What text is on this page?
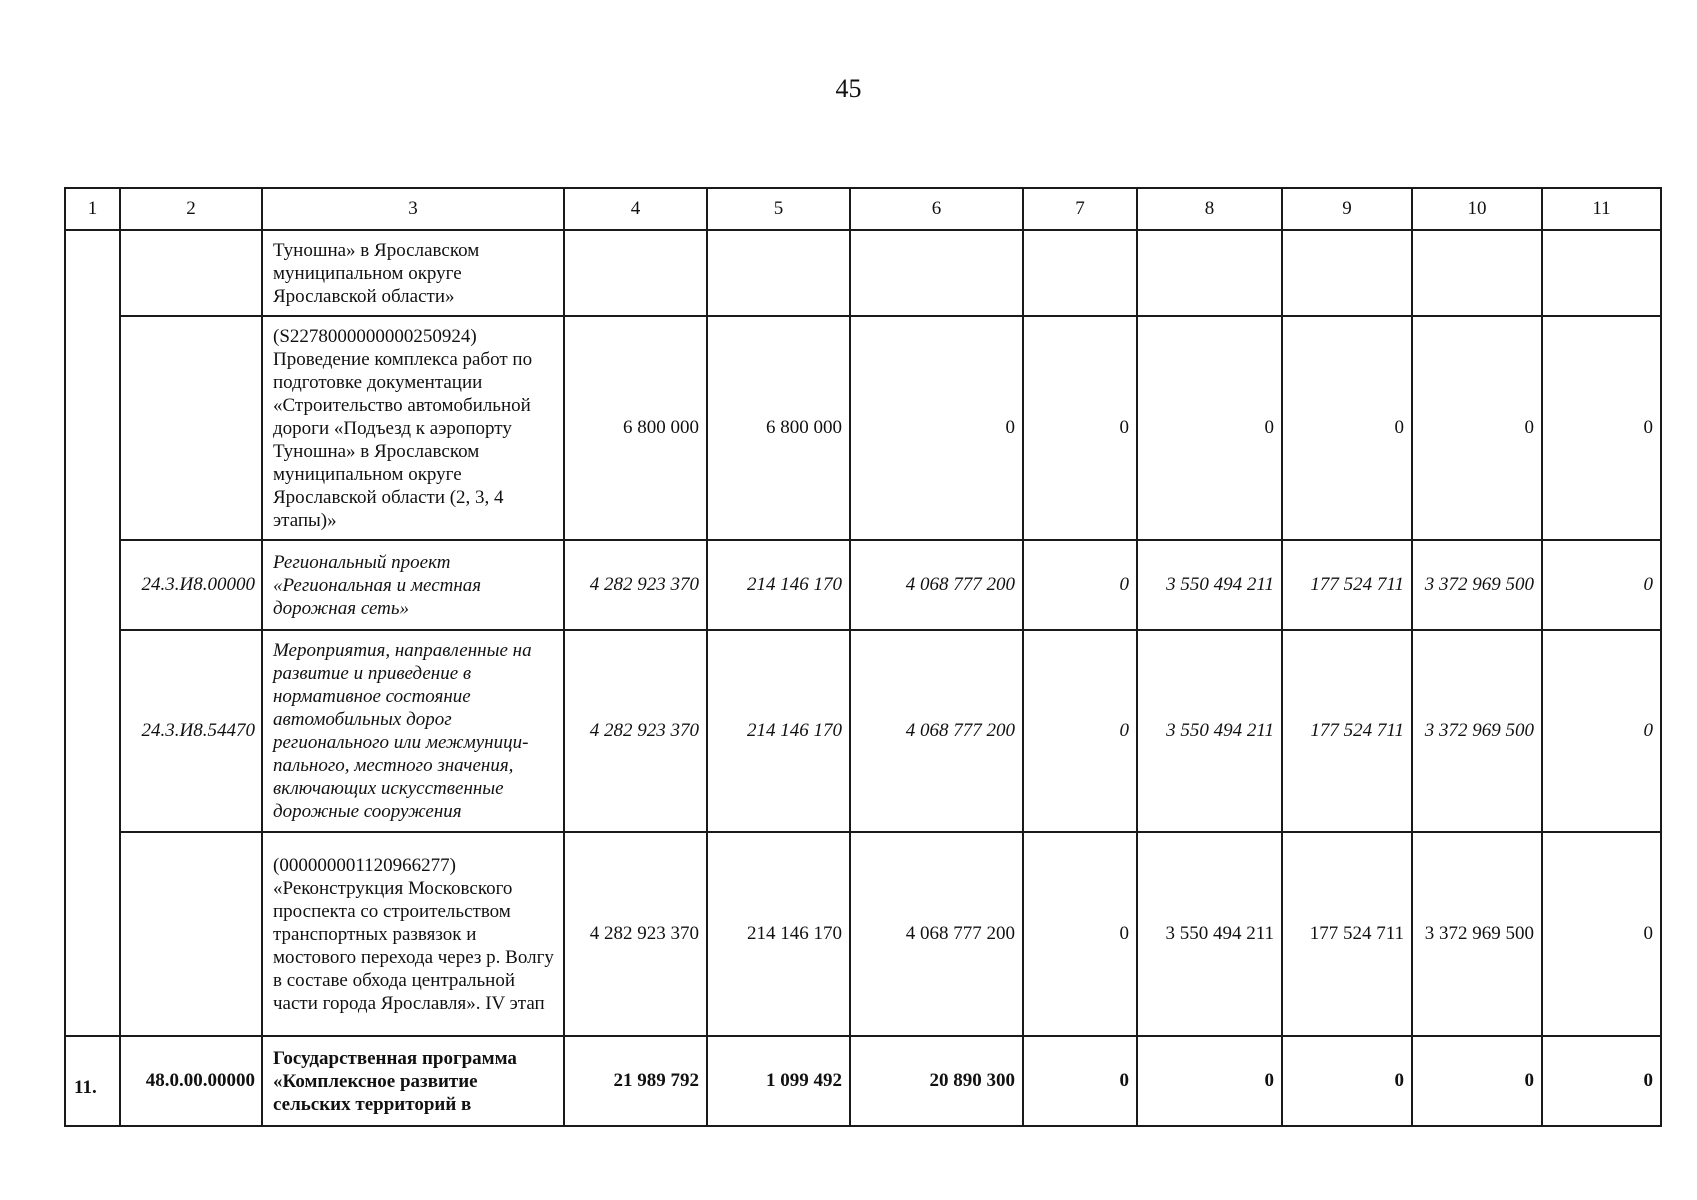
45
1	2	3	4	5	6	7	8	9	10	11
		Туношна» в Ярославском муниципальном округе Ярославской области»								
		(S2278000000000250924) Проведение комплекса работ по подготовке документации «Строительство автомобильной дороги «Подъезд к аэропорту Туношна» в Ярославском муниципальном округе Ярославской области (2, 3, 4 этапы)»	6 800 000	6 800 000	0	0	0	0	0	0
	24.3.И8.00000	Региональный проект «Региональная и местная дорожная сеть»	4 282 923 370	214 146 170	4 068 777 200	0	3 550 494 211	177 524 711	3 372 969 500	0
	24.3.И8.54470	Мероприятия, направленные на развитие и приведение в нормативное состояние автомобильных дорог регионального или межмуници-пального, местного значения, включающих искусственные дорожные сооружения	4 282 923 370	214 146 170	4 068 777 200	0	3 550 494 211	177 524 711	3 372 969 500	0
		(000000001120966277) «Реконструкция Московского проспекта со строительством транспортных развязок и мостового перехода через р. Волгу в составе обхода центральной части города Ярославля». IV этап	4 282 923 370	214 146 170	4 068 777 200	0	3 550 494 211	177 524 711	3 372 969 500	0
11.	48.0.00.00000	Государственная программа «Комплексное развитие сельских территорий в	21 989 792	1 099 492	20 890 300	0	0	0	0	0
